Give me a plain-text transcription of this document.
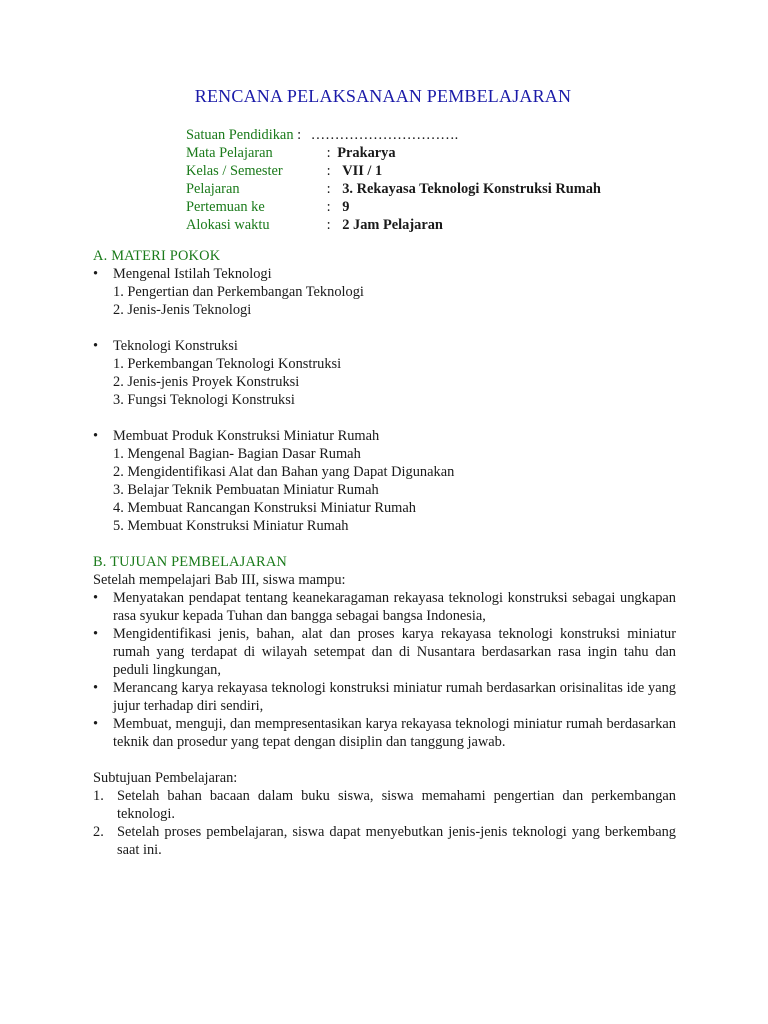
RENCANA PELAKSANAAN PEMBELAJARAN
Satuan Pendidikan : ………………………….
Mata Pelajaran	: Prakarya
Kelas / Semester	: VII / 1
Pelajaran	: 3. Rekayasa Teknologi Konstruksi Rumah
Pertemuan ke	: 9
Alokasi waktu	: 2 Jam Pelajaran
A. MATERI POKOK
• Mengenal Istilah Teknologi
1. Pengertian dan Perkembangan Teknologi
2. Jenis-Jenis Teknologi
• Teknologi Konstruksi
1. Perkembangan Teknologi Konstruksi
2. Jenis-jenis Proyek Konstruksi
3. Fungsi Teknologi Konstruksi
• Membuat Produk Konstruksi Miniatur Rumah
1. Mengenal Bagian- Bagian Dasar Rumah
2. Mengidentifikasi Alat dan Bahan yang Dapat Digunakan
3. Belajar Teknik Pembuatan Miniatur Rumah
4. Membuat Rancangan Konstruksi Miniatur Rumah
5. Membuat Konstruksi Miniatur Rumah
B. TUJUAN PEMBELAJARAN
Setelah mempelajari Bab III, siswa mampu:
• Menyatakan pendapat tentang keanekaragaman rekayasa teknologi konstruksi sebagai ungkapan rasa syukur kepada Tuhan dan bangga sebagai bangsa Indonesia,
• Mengidentifikasi jenis, bahan, alat dan proses karya rekayasa teknologi konstruksi miniatur rumah yang terdapat di wilayah setempat dan di Nusantara berdasarkan rasa ingin tahu dan peduli lingkungan,
• Merancang karya rekayasa teknologi konstruksi miniatur rumah berdasarkan orisinalitas ide yang jujur terhadap diri sendiri,
• Membuat, menguji, dan mempresentasikan karya rekayasa teknologi miniatur rumah berdasarkan teknik dan prosedur yang tepat dengan disiplin dan tanggung jawab.
Subtujuan Pembelajaran:
1. Setelah bahan bacaan dalam buku siswa, siswa memahami pengertian dan perkembangan teknologi.
2. Setelah proses pembelajaran, siswa dapat menyebutkan jenis-jenis teknologi yang berkembang saat ini.
